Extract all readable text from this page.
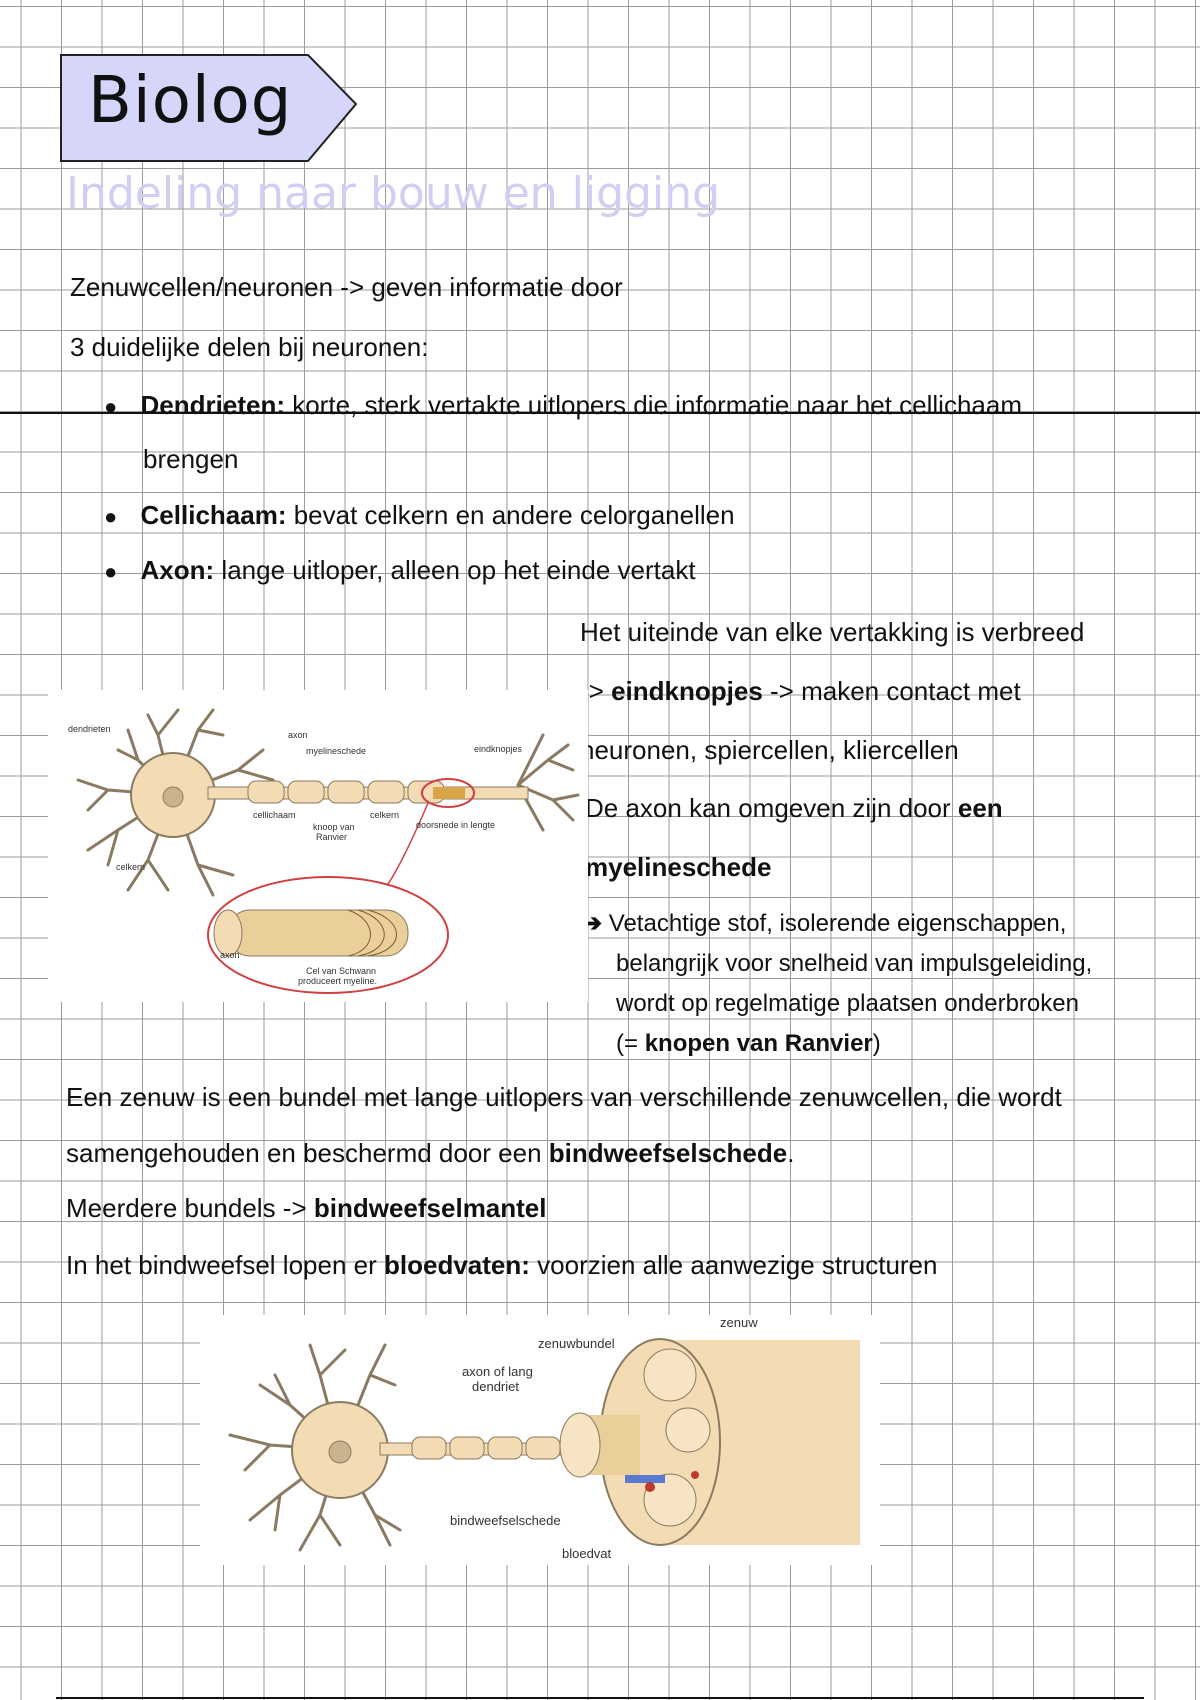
Biolog
Indeling naar bouw en ligging
Zenuwcellen/neuronen -> geven informatie door
3 duidelijke delen bij neuronen:
● Dendrieten: korte, sterk vertakte uitlopers die informatie naar het cellichaam
brengen
● Cellichaam: bevat celkern en andere celorganellen
● Axon: lange uitloper, alleen op het einde vertakt
Het uiteinde van elke vertakking is verbreed
-> eindknopjes -> maken contact met
neuronen, spiercellen, kliercellen
De axon kan omgeven zijn door een
myelineschede
➔ Vetachtige stof, isolerende eigenschappen,
belangrijk voor snelheid van impulsgeleiding,
wordt op regelmatige plaatsen onderbroken
(= knopen van Ranvier)
dendrieten
axon
myelineschede	eindknopjes
cellichaam
knoop van
Ranvier
celkern
doorsnede in lengte
celkern
axon
Cel van Schwann
produceert myeline.
Een zenuw is een bundel met lange uitlopers van verschillende zenuwcellen, die wordt
samengehouden en beschermd door een bindweefselschede.
Meerdere bundels -> bindweefselmantel
In het bindweefsel lopen er bloedvaten: voorzien alle aanwezige structuren
zenuw
zenuwbundel
axon of lang
dendriet
bindweefselschede
bloedvat
